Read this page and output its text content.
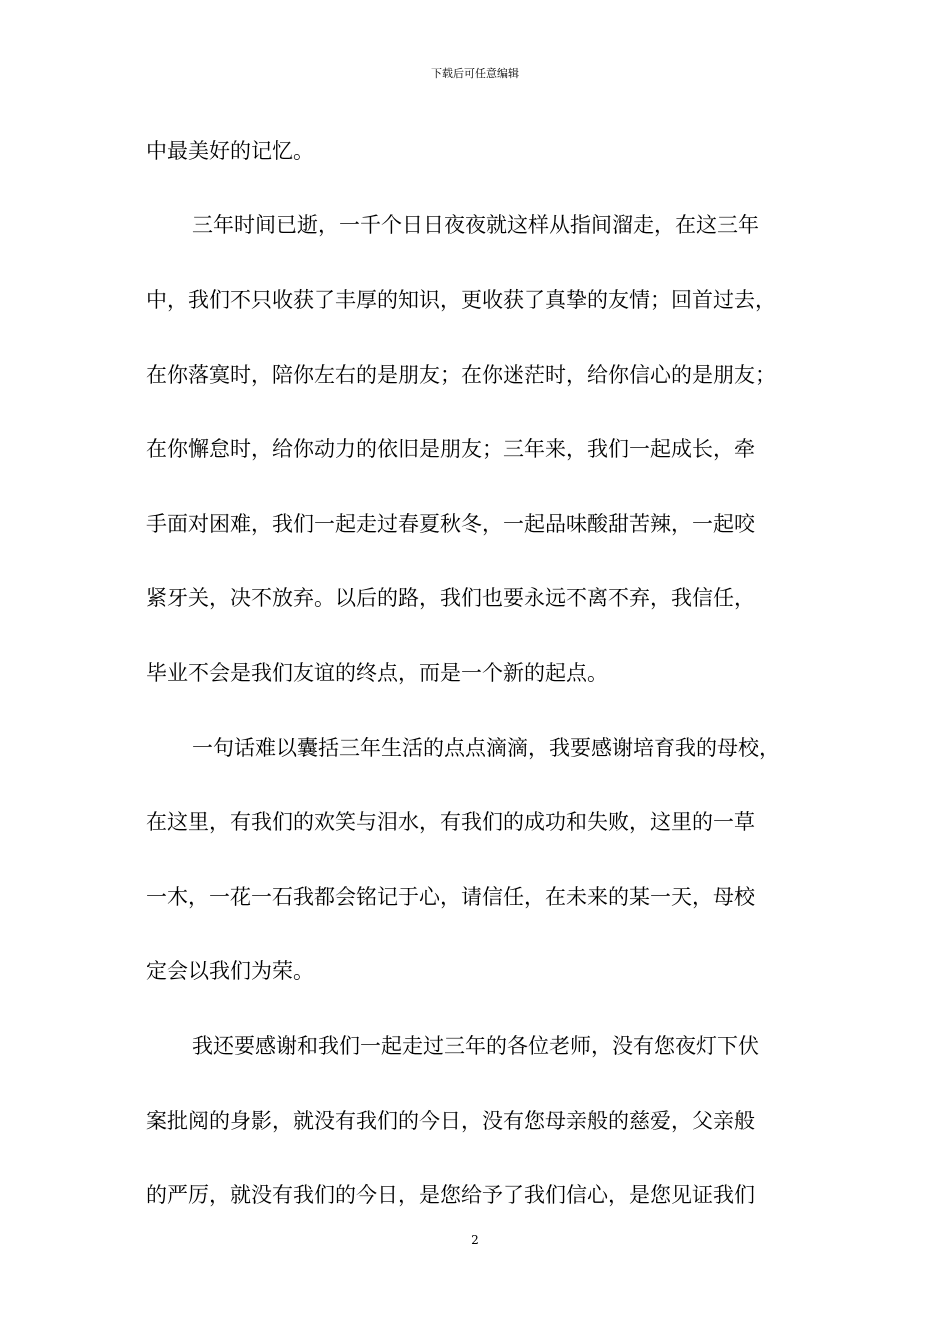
下载后可任意编辑
中最美好的记忆。
三年时间已逝，一千个日日夜夜就这样从指间溜走，在这三年
中，我们不只收获了丰厚的知识，更收获了真挚的友情；回首过去，
在你落寞时，陪你左右的是朋友；在你迷茫时，给你信心的是朋友；
在你懈怠时，给你动力的依旧是朋友；三年来，我们一起成长，牵
手面对困难，我们一起走过春夏秋冬，一起品味酸甜苦辣，一起咬
紧牙关，决不放弃。以后的路，我们也要永远不离不弃，我信任，
毕业不会是我们友谊的终点，而是一个新的起点。
一句话难以囊括三年生活的点点滴滴，我要感谢培育我的母校，
在这里，有我们的欢笑与泪水，有我们的成功和失败，这里的一草
一木，一花一石我都会铭记于心，请信任，在未来的某一天，母校
定会以我们为荣。
我还要感谢和我们一起走过三年的各位老师，没有您夜灯下伏
案批阅的身影，就没有我们的今日，没有您母亲般的慈爱，父亲般
的严厉，就没有我们的今日，是您给予了我们信心，是您见证我们
2
